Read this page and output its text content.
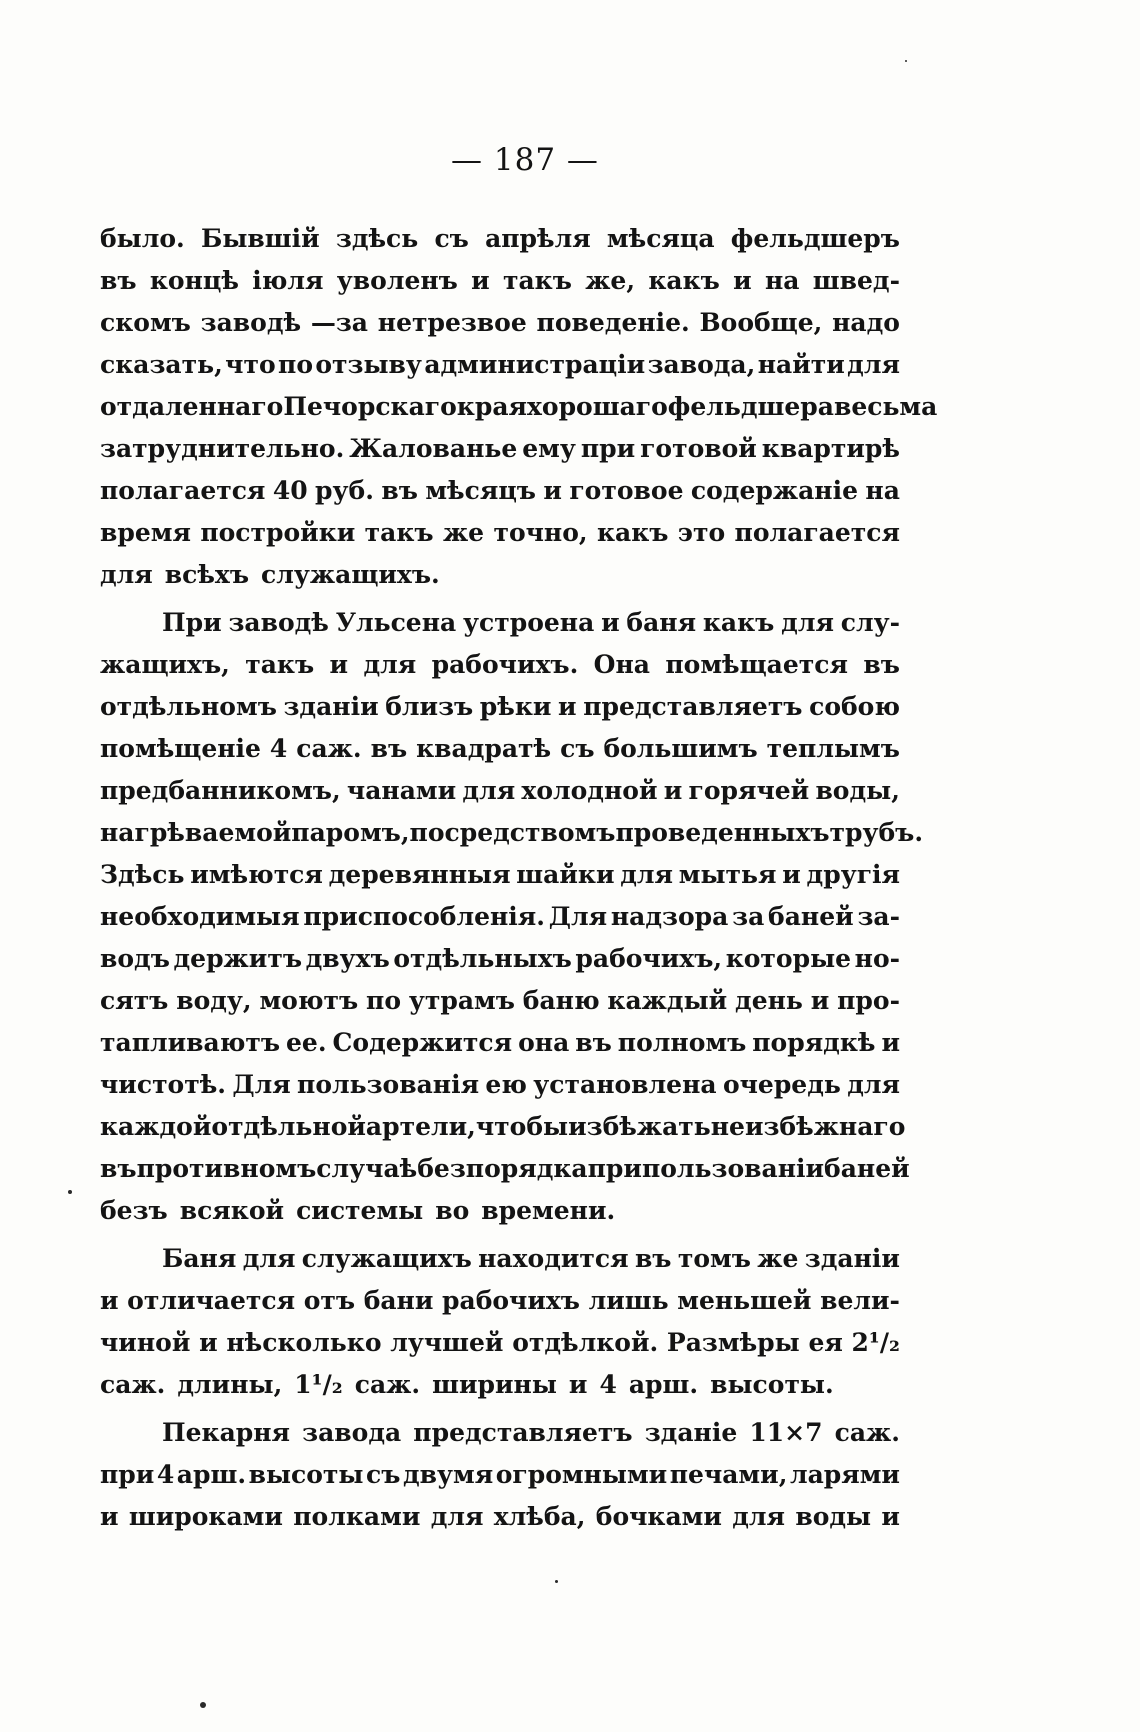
— 187 —
было. Бывшій здѣсь съ апрѣля мѣсяца фельдшеръ
въ концѣ іюля уволенъ и такъ же, какъ и на швед-
скомъ заводѣ —за нетрезвое поведеніе. Вообще, надо
сказать, что по отзыву администраціи завода, найти для
отдаленнаго Печорскаго края хорошаго фельдшера весьма
затруднительно. Жалованье ему при готовой квартирѣ
полагается 40 руб. въ мѣсяцъ и готовое содержаніе на
время постройки такъ же точно, какъ это полагается
для всѣхъ служащихъ.
При заводѣ Ульсена устроена и баня какъ для слу-
жащихъ, такъ и для рабочихъ. Она помѣщается въ
отдѣльномъ зданіи близъ рѣки и представляетъ собою
помѣщеніе 4 саж. въ квадратѣ съ большимъ теплымъ
предбанникомъ, чанами для холодной и горячей воды,
нагрѣваемой паромъ, посредствомъ проведенныхъ трубъ.
Здѣсь имѣются деревянныя шайки для мытья и другія
необходимыя приспособленія. Для надзора за баней за-
водъ держитъ двухъ отдѣльныхъ рабочихъ, которые но-
сятъ воду, моютъ по утрамъ баню каждый день и про-
тапливаютъ ее. Содержится она въ полномъ порядкѣ и
чистотѣ. Для пользованія ею установлена очередь для
каждой отдѣльной артели, чтобы избѣжать неизбѣжнаго
въ противномъ случаѣ безпорядка при пользованіи баней
безъ всякой системы во времени.
Баня для служащихъ находится въ томъ же зданіи
и отличается отъ бани рабочихъ лишь меньшей вели-
чиной и нѣсколько лучшей отдѣлкой. Размѣры ея 2¹/₂
саж. длины, 1¹/₂ саж. ширины и 4 арш. высоты.
Пекарня завода представляетъ зданіе 11×7 саж.
при 4 арш. высоты съ двумя огромными печами, ларями
и широками полками для хлѣба, бочками для воды и
